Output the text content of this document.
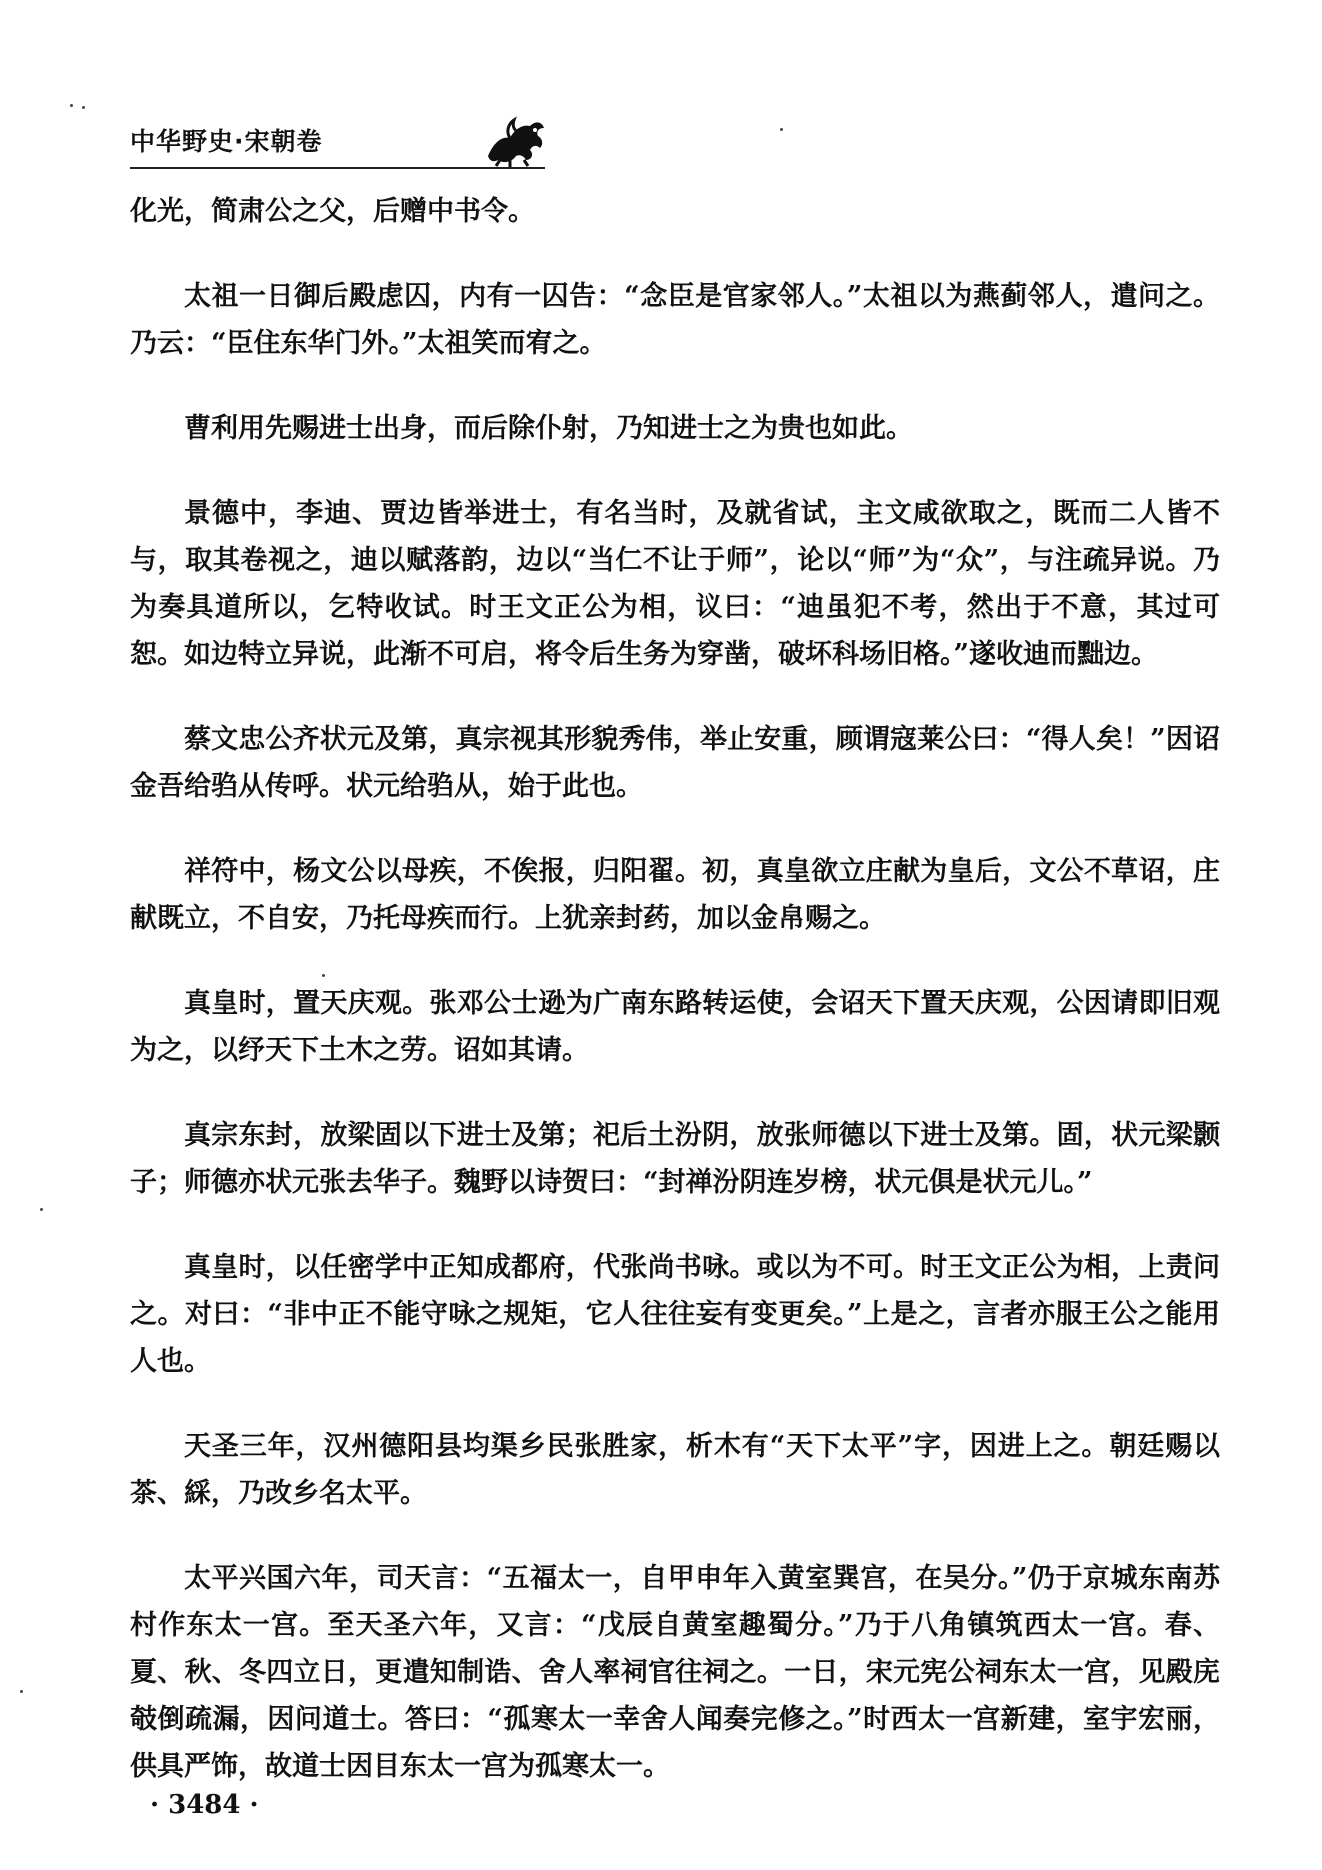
中华野史·宋朝卷

化光，简肃公之父，后赠中书令。

太祖一日御后殿虑囚，内有一囚告：“念臣是官家邻人。”太祖以为燕蓟邻人，遣问之。乃云：“臣住东华门外。”太祖笑而宥之。

曹利用先赐进士出身，而后除仆射，乃知进士之为贵也如此。

景德中，李迪、贾边皆举进士，有名当时，及就省试，主文咸欲取之，既而二人皆不与，取其卷视之，迪以赋落韵，边以“当仁不让于师”，论以“师”为“众”，与注疏异说。乃为奏具道所以，乞特收试。时王文正公为相，议曰：“迪虽犯不考，然出于不意，其过可恕。如边特立异说，此渐不可启，将令后生务为穿凿，破坏科场旧格。”遂收迪而黜边。

蔡文忠公齐状元及第，真宗视其形貌秀伟，举止安重，顾谓寇莱公曰：“得人矣！”因诏金吾给驺从传呼。状元给驺从，始于此也。

祥符中，杨文公以母疾，不俟报，归阳翟。初，真皇欲立庄献为皇后，文公不草诏，庄献既立，不自安，乃托母疾而行。上犹亲封药，加以金帛赐之。

真皇时，置天庆观。张邓公士逊为广南东路转运使，会诏天下置天庆观，公因请即旧观为之，以纾天下土木之劳。诏如其请。

真宗东封，放梁固以下进士及第；祀后土汾阴，放张师德以下进士及第。固，状元梁颢子；师德亦状元张去华子。魏野以诗贺曰：“封禅汾阴连岁榜，状元俱是状元儿。”

真皇时，以任密学中正知成都府，代张尚书咏。或以为不可。时王文正公为相，上责问之。对曰：“非中正不能守咏之规矩，它人往往妄有变更矣。”上是之，言者亦服王公之能用人也。

天圣三年，汉州德阳县均渠乡民张胜家，析木有“天下太平”字，因进上之。朝廷赐以茶、綵，乃改乡名太平。

太平兴国六年，司天言：“五福太一，自甲申年入黄室巽宫，在吴分。”仍于京城东南苏村作东太一宫。至天圣六年，又言：“戊辰自黄室趣蜀分。”乃于八角镇筑西太一宫。春、夏、秋、冬四立日，更遣知制诰、舍人率祠官往祠之。一日，宋元宪公祠东太一宫，见殿庑攲倒疏漏，因问道士。答曰：“孤寒太一幸舍人闻奏完修之。”时西太一宫新建，室宇宏丽，供具严饰，故道士因目东太一宫为孤寒太一。

· 3484 ·
